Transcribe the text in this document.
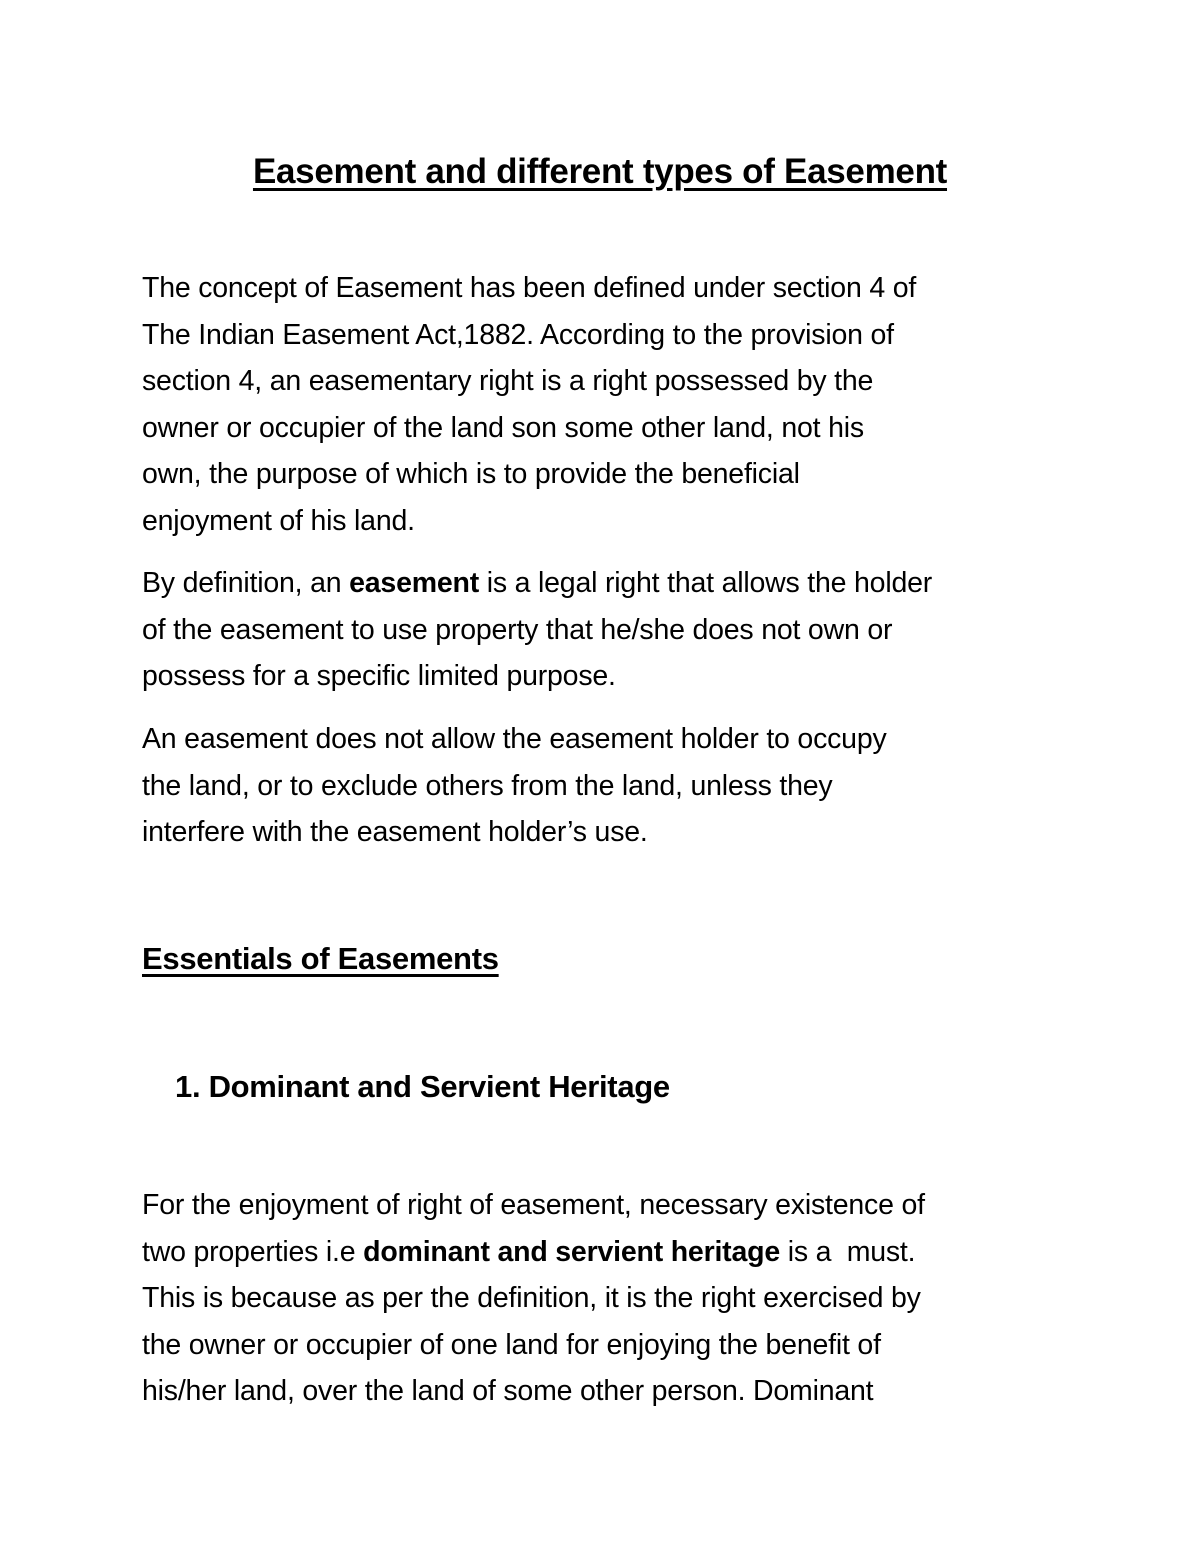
Easement and different types of Easement
The concept of Easement has been defined under section 4 of
The Indian Easement Act,1882. According to the provision of
section 4, an easementary right is a right possessed by the
owner or occupier of the land son some other land, not his
own, the purpose of which is to provide the beneficial
enjoyment of his land.
By definition, an easement is a legal right that allows the holder
of the easement to use property that he/she does not own or
possess for a specific limited purpose.
An easement does not allow the easement holder to occupy
the land, or to exclude others from the land, unless they
interfere with the easement holder’s use.
Essentials of Easements
1. Dominant and Servient Heritage
For the enjoyment of right of easement, necessary existence of
two properties i.e dominant and servient heritage is a  must.
This is because as per the definition, it is the right exercised by
the owner or occupier of one land for enjoying the benefit of
his/her land, over the land of some other person. Dominant
